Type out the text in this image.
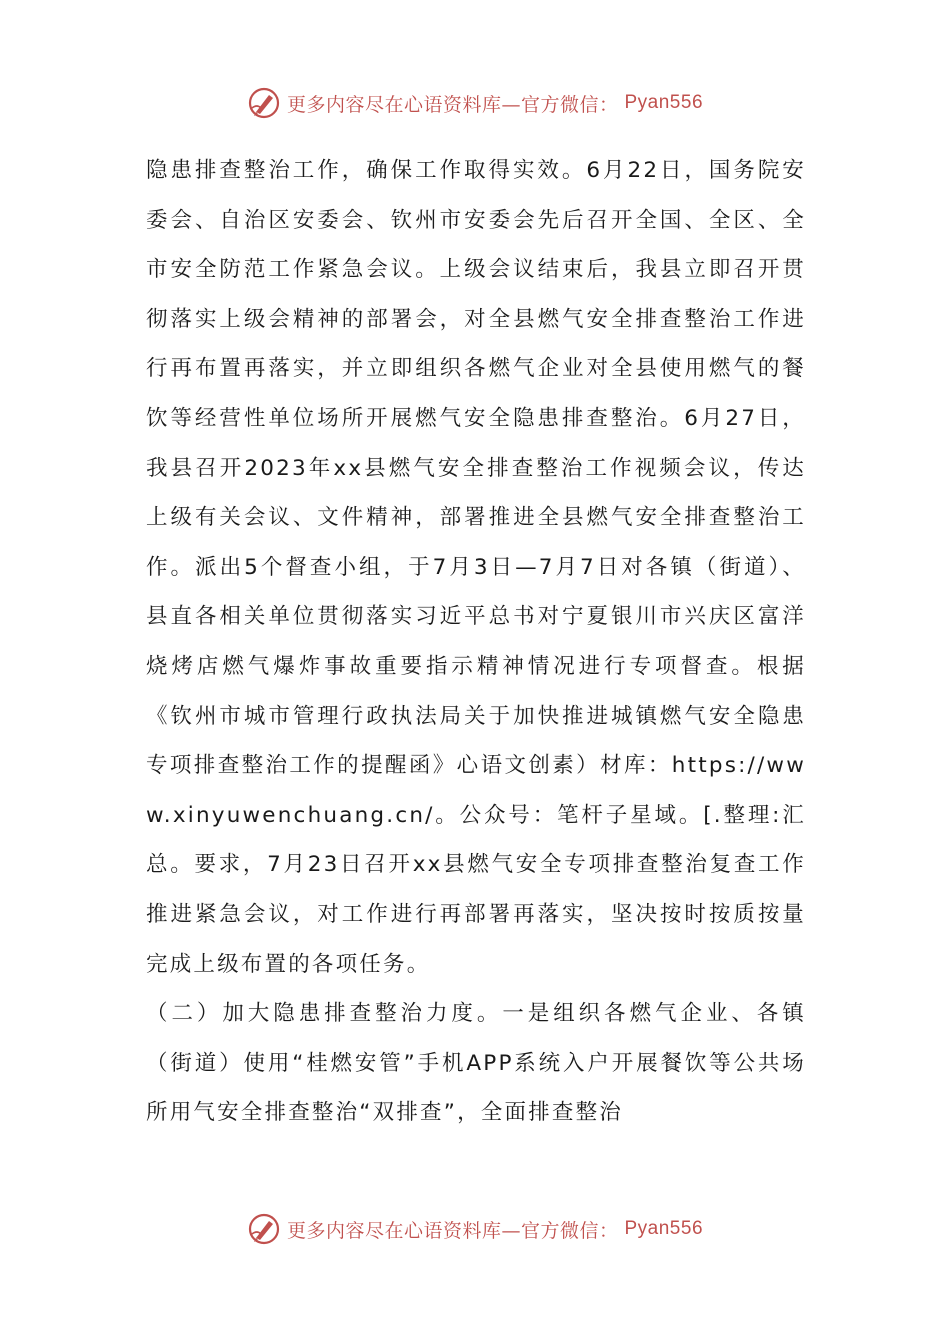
更多内容尽在心语资料库—官方微信： Pyan556

隐患排查整治工作，确保工作取得实效。6月22日，国务院安委会、自治区安委会、钦州市安委会先后召开全国、全区、全市安全防范工作紧急会议。上级会议结束后，我县立即召开贯彻落实上级会精神的部署会，对全县燃气安全排查整治工作进行再布置再落实，并立即组织各燃气企业对全县使用燃气的餐饮等经营性单位场所开展燃气安全隐患排查整治。6月27日，我县召开2023年xx县燃气安全排查整治工作视频会议，传达上级有关会议、文件精神，部署推进全县燃气安全排查整治工作。派出5个督查小组，于7月3日—7月7日对各镇（街道）、县直各相关单位贯彻落实习近平总书对宁夏银川市兴庆区富洋烧烤店燃气爆炸事故重要指示精神情况进行专项督查。根据《钦州市城市管理行政执法局关于加快推进城镇燃气安全隐患专项排查整治工作的提醒函》心语文创素）材库：https://www.xinyuwenchuang.cn/。公众号：笔杆子星域。[.整理:汇总。要求，7月23日召开xx县燃气安全专项排查整治复查工作推进紧急会议，对工作进行再部署再落实，坚决按时按质按量完成上级布置的各项任务。

（二）加大隐患排查整治力度。一是组织各燃气企业、各镇（街道）使用“桂燃安管”手机APP系统入户开展餐饮等公共场所用气安全排查整治“双排查”，全面排查整治

更多内容尽在心语资料库—官方微信： Pyan556
